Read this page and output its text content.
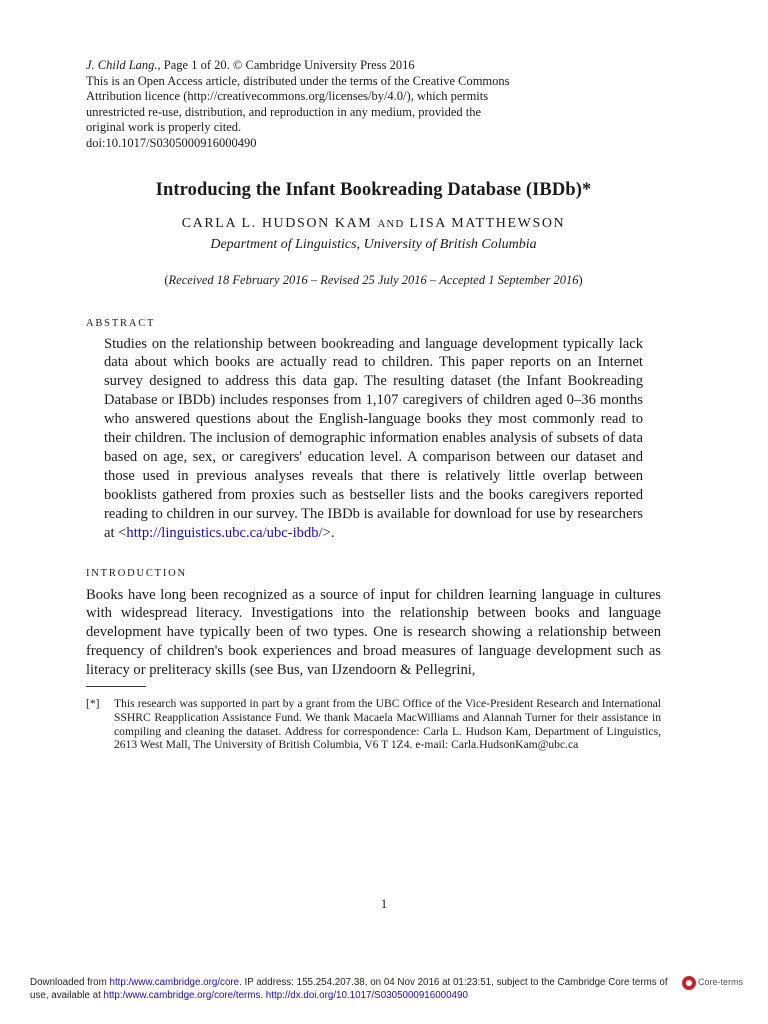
J. Child Lang., Page 1 of 20. © Cambridge University Press 2016
This is an Open Access article, distributed under the terms of the Creative Commons
Attribution licence (http://creativecommons.org/licenses/by/4.0/), which permits
unrestricted re-use, distribution, and reproduction in any medium, provided the
original work is properly cited.
doi:10.1017/S0305000916000490
Introducing the Infant Bookreading Database (IBDb)*
CARLA L. HUDSON KAM AND LISA MATTHEWSON
Department of Linguistics, University of British Columbia
(Received 18 February 2016 – Revised 25 July 2016 – Accepted 1 September 2016)
ABSTRACT
Studies on the relationship between bookreading and language development typically lack data about which books are actually read to children. This paper reports on an Internet survey designed to address this data gap. The resulting dataset (the Infant Bookreading Database or IBDb) includes responses from 1,107 caregivers of children aged 0–36 months who answered questions about the English-language books they most commonly read to their children. The inclusion of demographic information enables analysis of subsets of data based on age, sex, or caregivers' education level. A comparison between our dataset and those used in previous analyses reveals that there is relatively little overlap between booklists gathered from proxies such as bestseller lists and the books caregivers reported reading to children in our survey. The IBDb is available for download for use by researchers at <http://linguistics.ubc.ca/ubc-ibdb/>.
INTRODUCTION
Books have long been recognized as a source of input for children learning language in cultures with widespread literacy. Investigations into the relationship between books and language development have typically been of two types. One is research showing a relationship between frequency of children's book experiences and broad measures of language development such as literacy or preliteracy skills (see Bus, van IJzendoorn & Pellegrini,
[*]	This research was supported in part by a grant from the UBC Office of the Vice-President Research and International SSHRC Reapplication Assistance Fund. We thank Macaela MacWilliams and Alannah Turner for their assistance in compiling and cleaning the dataset. Address for correspondence: Carla L. Hudson Kam, Department of Linguistics, 2613 West Mall, The University of British Columbia, V6 T 1Z4. e-mail: Carla.HudsonKam@ubc.ca
1
Downloaded from http:/www.cambridge.org/core. IP address: 155.254.207.38, on 04 Nov 2016 at 01:23:51, subject to the Cambridge Core terms of
use, available at http:/www.cambridge.org/core/terms. http://dx.doi.org/10.1017/S0305000916000490
Core-terms
